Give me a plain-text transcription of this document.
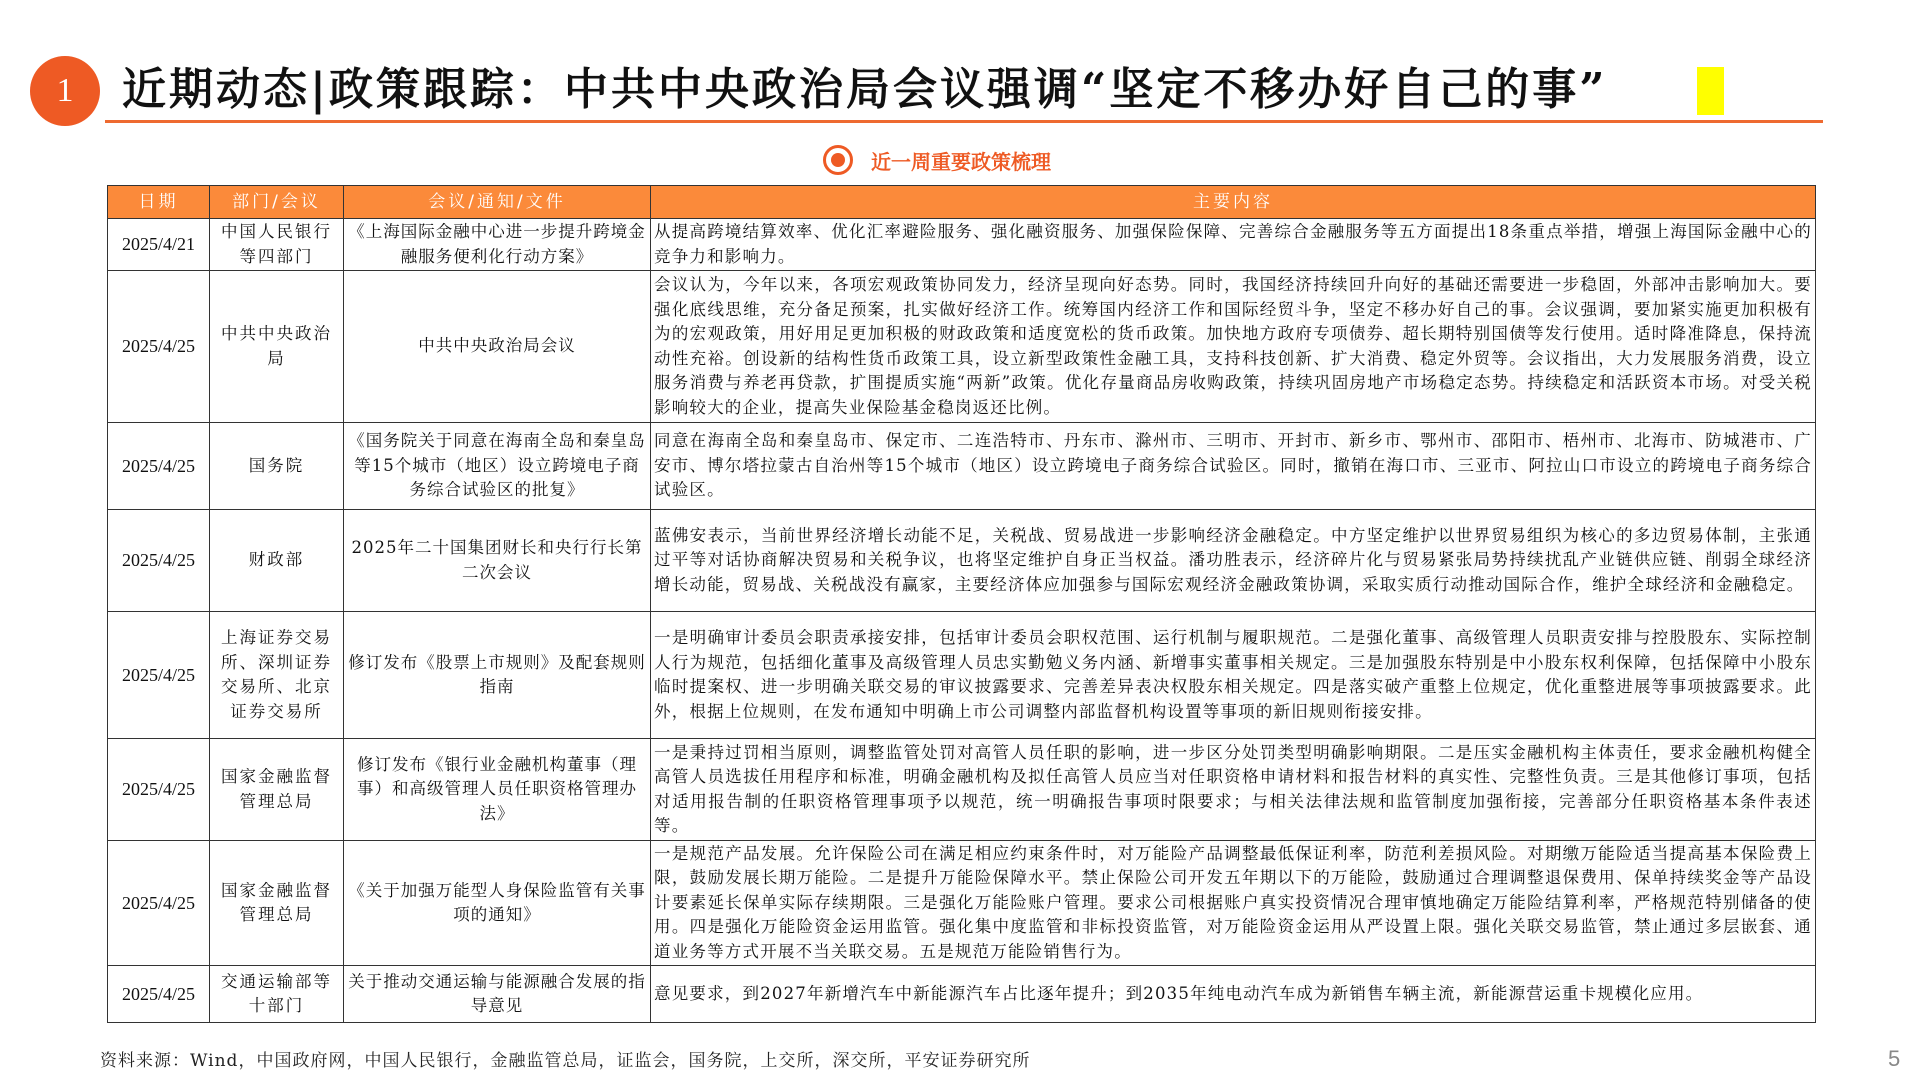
1	近期动态|政策跟踪：中共中央政治局会议强调“坚定不移办好自己的事”
近一周重要政策梳理
日期	部门/会议	会议/通知/文件	主要内容
2025/4/21	中国人民银行等四部门	《上海国际金融中心进一步提升跨境金融服务便利化行动方案》	从提高跨境结算效率、优化汇率避险服务、强化融资服务、加强保险保障、完善综合金融服务等五方面提出18条重点举措，增强上海国际金融中心的竞争力和影响力。
2025/4/25	中共中央政治局	中共中央政治局会议	会议认为，今年以来，各项宏观政策协同发力，经济呈现向好态势。同时，我国经济持续回升向好的基础还需要进一步稳固，外部冲击影响加大。要强化底线思维，充分备足预案，扎实做好经济工作。统筹国内经济工作和国际经贸斗争，坚定不移办好自己的事。会议强调，要加紧实施更加积极有为的宏观政策，用好用足更加积极的财政政策和适度宽松的货币政策。加快地方政府专项债券、超长期特别国债等发行使用。适时降准降息，保持流动性充裕。创设新的结构性货币政策工具，设立新型政策性金融工具，支持科技创新、扩大消费、稳定外贸等。会议指出，大力发展服务消费，设立服务消费与养老再贷款，扩围提质实施“两新”政策。优化存量商品房收购政策，持续巩固房地产市场稳定态势。持续稳定和活跃资本市场。对受关税影响较大的企业，提高失业保险基金稳岗返还比例。
2025/4/25	国务院	《国务院关于同意在海南全岛和秦皇岛等15个城市（地区）设立跨境电子商务综合试验区的批复》	同意在海南全岛和秦皇岛市、保定市、二连浩特市、丹东市、滁州市、三明市、开封市、新乡市、鄂州市、邵阳市、梧州市、北海市、防城港市、广安市、博尔塔拉蒙古自治州等15个城市（地区）设立跨境电子商务综合试验区。同时，撤销在海口市、三亚市、阿拉山口市设立的跨境电子商务综合试验区。
2025/4/25	财政部	2025年二十国集团财长和央行行长第二次会议	蓝佛安表示，当前世界经济增长动能不足，关税战、贸易战进一步影响经济金融稳定。中方坚定维护以世界贸易组织为核心的多边贸易体制，主张通过平等对话协商解决贸易和关税争议，也将坚定维护自身正当权益。潘功胜表示，经济碎片化与贸易紧张局势持续扰乱产业链供应链、削弱全球经济增长动能，贸易战、关税战没有赢家，主要经济体应加强参与国际宏观经济金融政策协调，采取实质行动推动国际合作，维护全球经济和金融稳定。
2025/4/25	上海证券交易所、深圳证券交易所、北京证券交易所	修订发布《股票上市规则》及配套规则指南	一是明确审计委员会职责承接安排，包括审计委员会职权范围、运行机制与履职规范。二是强化董事、高级管理人员职责安排与控股股东、实际控制人行为规范，包括细化董事及高级管理人员忠实勤勉义务内涵、新增事实董事相关规定。三是加强股东特别是中小股东权利保障，包括保障中小股东临时提案权、进一步明确关联交易的审议披露要求、完善差异表决权股东相关规定。四是落实破产重整上位规定，优化重整进展等事项披露要求。此外，根据上位规则，在发布通知中明确上市公司调整内部监督机构设置等事项的新旧规则衔接安排。
2025/4/25	国家金融监督管理总局	修订发布《银行业金融机构董事（理事）和高级管理人员任职资格管理办法》	一是秉持过罚相当原则，调整监管处罚对高管人员任职的影响，进一步区分处罚类型明确影响期限。二是压实金融机构主体责任，要求金融机构健全高管人员选拔任用程序和标准，明确金融机构及拟任高管人员应当对任职资格申请材料和报告材料的真实性、完整性负责。三是其他修订事项，包括对适用报告制的任职资格管理事项予以规范，统一明确报告事项时限要求；与相关法律法规和监管制度加强衔接，完善部分任职资格基本条件表述等。
2025/4/25	国家金融监督管理总局	《关于加强万能型人身保险监管有关事项的通知》	一是规范产品发展。允许保险公司在满足相应约束条件时，对万能险产品调整最低保证利率，防范利差损风险。对期缴万能险适当提高基本保险费上限，鼓励发展长期万能险。二是提升万能险保障水平。禁止保险公司开发五年期以下的万能险，鼓励通过合理调整退保费用、保单持续奖金等产品设计要素延长保单实际存续期限。三是强化万能险账户管理。要求公司根据账户真实投资情况合理审慎地确定万能险结算利率，严格规范特别储备的使用。四是强化万能险资金运用监管。强化集中度监管和非标投资监管，对万能险资金运用从严设置上限。强化关联交易监管，禁止通过多层嵌套、通道业务等方式开展不当关联交易。五是规范万能险销售行为。
2025/4/25	交通运输部等十部门	关于推动交通运输与能源融合发展的指导意见	意见要求，到2027年新增汽车中新能源汽车占比逐年提升；到2035年纯电动汽车成为新销售车辆主流，新能源营运重卡规模化应用。
资料来源：Wind，中国政府网，中国人民银行，金融监管总局，证监会，国务院，上交所，深交所，平安证券研究所	5
